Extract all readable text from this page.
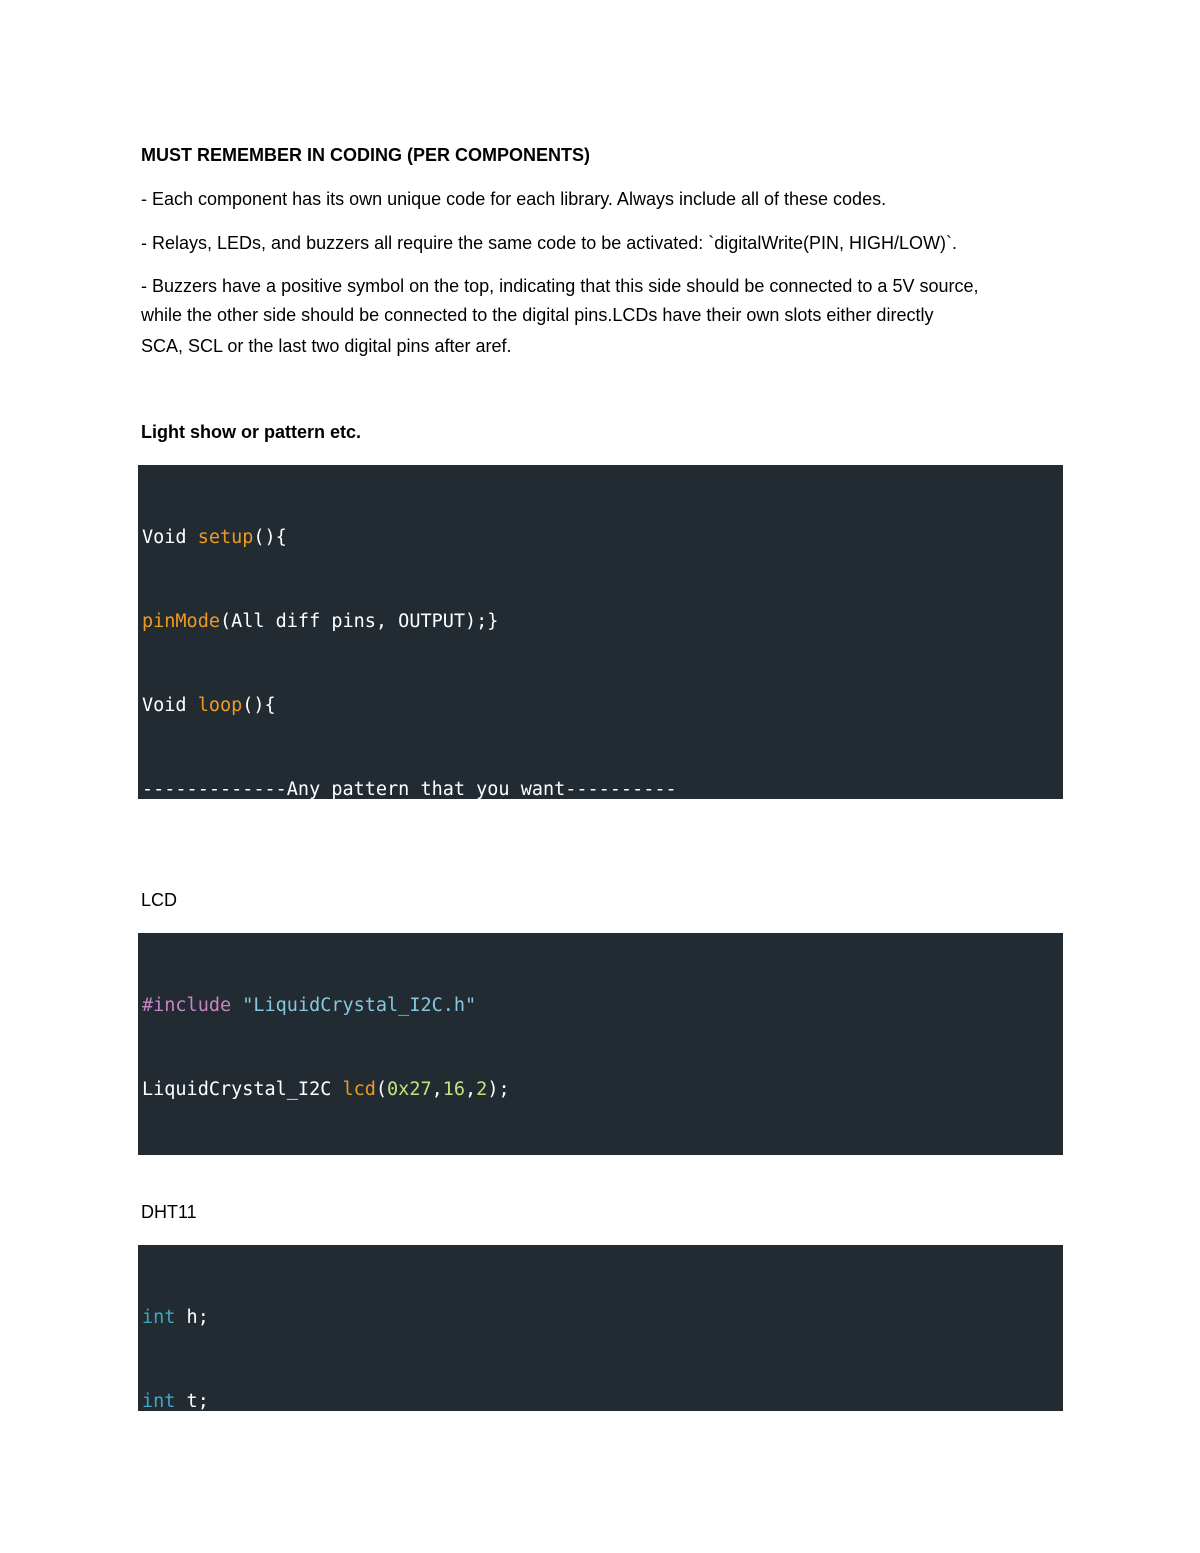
MUST REMEMBER IN CODING (PER COMPONENTS)
- Each component has its own unique code for each library. Always include all of these codes.
- Relays, LEDs, and buzzers all require the same code to be activated: `digitalWrite(PIN, HIGH/LOW)`.
- Buzzers have a positive symbol on the top, indicating that this side should be connected to a 5V source,
while the other side should be connected to the digital pins.LCDs have their own slots either directly
SCA, SCL or the last two digital pins after aref.
Light show or pattern etc.

Void setup(){

pinMode(All diff pins, OUTPUT);}

Void loop(){

-------------Any pattern that you want----------

LCD

#include "LiquidCrystal_I2C.h"

LiquidCrystal_I2C lcd(0x27,16,2);

DHT11

int h;

int t;
